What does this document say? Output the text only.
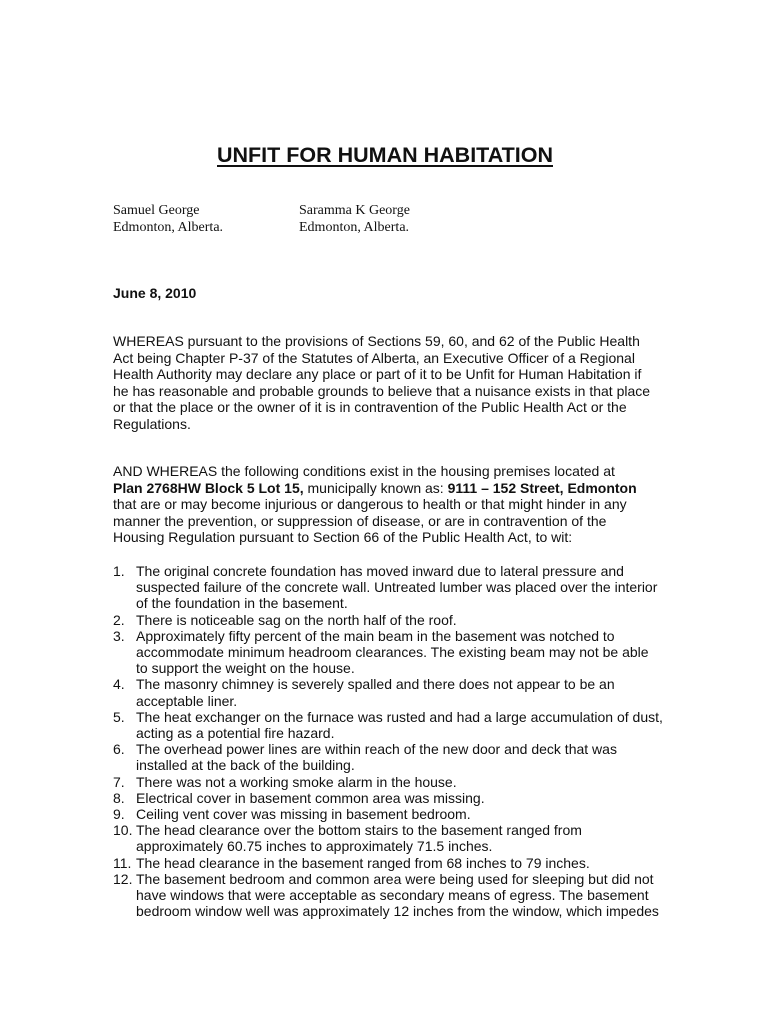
UNFIT FOR HUMAN HABITATION
Samuel George
Edmonton, Alberta.
Saramma K George
Edmonton, Alberta.
June 8, 2010

WHEREAS pursuant to the provisions of Sections 59, 60, and 62 of the Public Health Act being Chapter P-37 of the Statutes of Alberta, an Executive Officer of a Regional Health Authority may declare any place or part of it to be Unfit for Human Habitation if he has reasonable and probable grounds to believe that a nuisance exists in that place or that the place or the owner of it is in contravention of the Public Health Act or the Regulations.

AND WHEREAS the following conditions exist in the housing premises located at
Plan 2768HW Block 5 Lot 15, municipally known as: 9111 – 152 Street, Edmonton that are or may become injurious or dangerous to health or that might hinder in any manner the prevention, or suppression of disease, or are in contravention of the Housing Regulation pursuant to Section 66 of the Public Health Act, to wit:

1. The original concrete foundation has moved inward due to lateral pressure and
suspected failure of the concrete wall. Untreated lumber was placed over the interior
of the foundation in the basement.
2. There is noticeable sag on the north half of the roof.
3. Approximately fifty percent of the main beam in the basement was notched to
accommodate minimum headroom clearances. The existing beam may not be able
to support the weight on the house.
4. The masonry chimney is severely spalled and there does not appear to be an
acceptable liner.
5. The heat exchanger on the furnace was rusted and had a large accumulation of dust,
acting as a potential fire hazard.
6. The overhead power lines are within reach of the new door and deck that was
installed at the back of the building.
7. There was not a working smoke alarm in the house.
8. Electrical cover in basement common area was missing.
9. Ceiling vent cover was missing in basement bedroom.
10. The head clearance over the bottom stairs to the basement ranged from
approximately 60.75 inches to approximately 71.5 inches.
11. The head clearance in the basement ranged from 68 inches to 79 inches.
12. The basement bedroom and common area were being used for sleeping but did not
have windows that were acceptable as secondary means of egress. The basement
bedroom window well was approximately 12 inches from the window, which impedes
